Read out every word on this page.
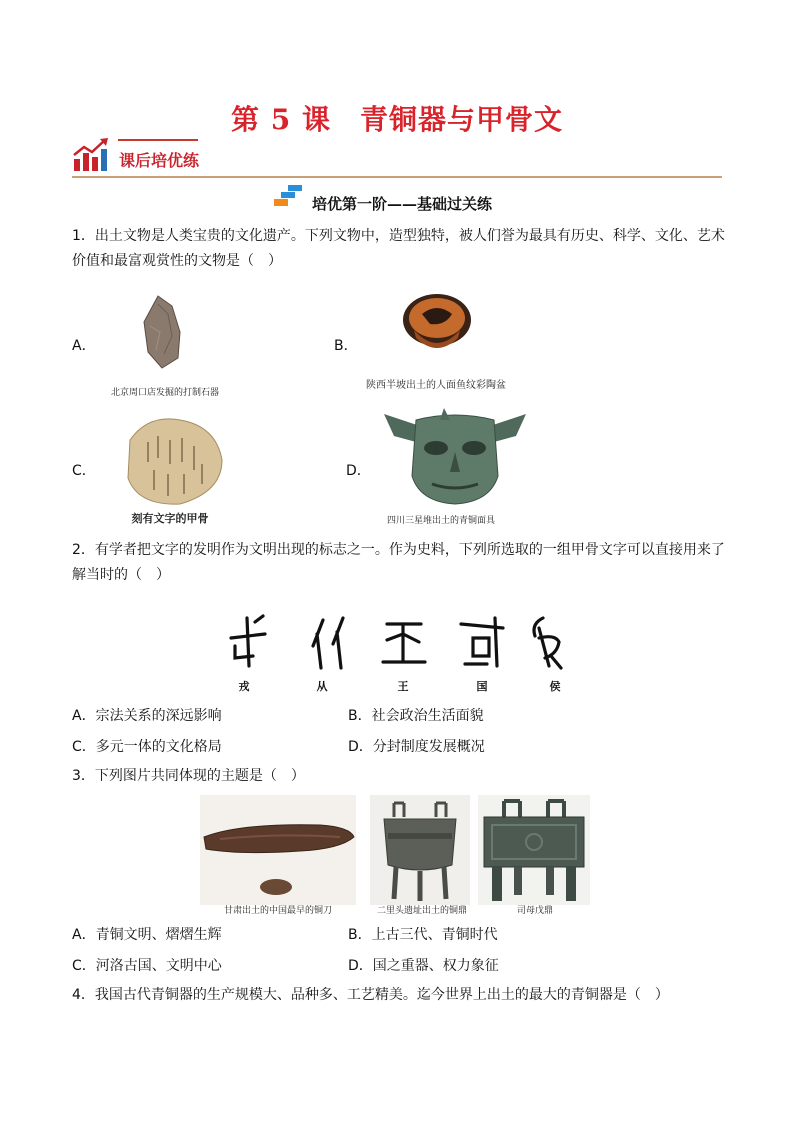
第 5 课　青铜器与甲骨文
课后培优练
培优第一阶——基础过关练
1．出土文物是人类宝贵的文化遗产。下列文物中，造型独特，被人们誉为最具有历史、科学、文化、艺术价值和最富观赏性的文物是（　）
A．
北京周口店发掘的打制石器
B．
陕西半坡出土的人面鱼纹彩陶盆
C．
刻有文字的甲骨
D．
四川三星堆出土的青铜面具
2．有学者把文字的发明作为文明出现的标志之一。作为史料，下列所选取的一组甲骨文字可以直接用来了解当时的（　）
戎	从	王	国	侯
A．宗法关系的深远影响	B．社会政治生活面貌
C．多元一体的文化格局	D．分封制度发展概况
3．下列图片共同体现的主题是（　）
甘肃出土的中国最早的铜刀	二里头遗址出土的铜鼎	司母戊鼎
A．青铜文明、熠熠生辉	B．上古三代、青铜时代
C．河洛古国、文明中心	D．国之重器、权力象征
4．我国古代青铜器的生产规模大、品种多、工艺精美。迄今世界上出土的最大的青铜器是（　）
